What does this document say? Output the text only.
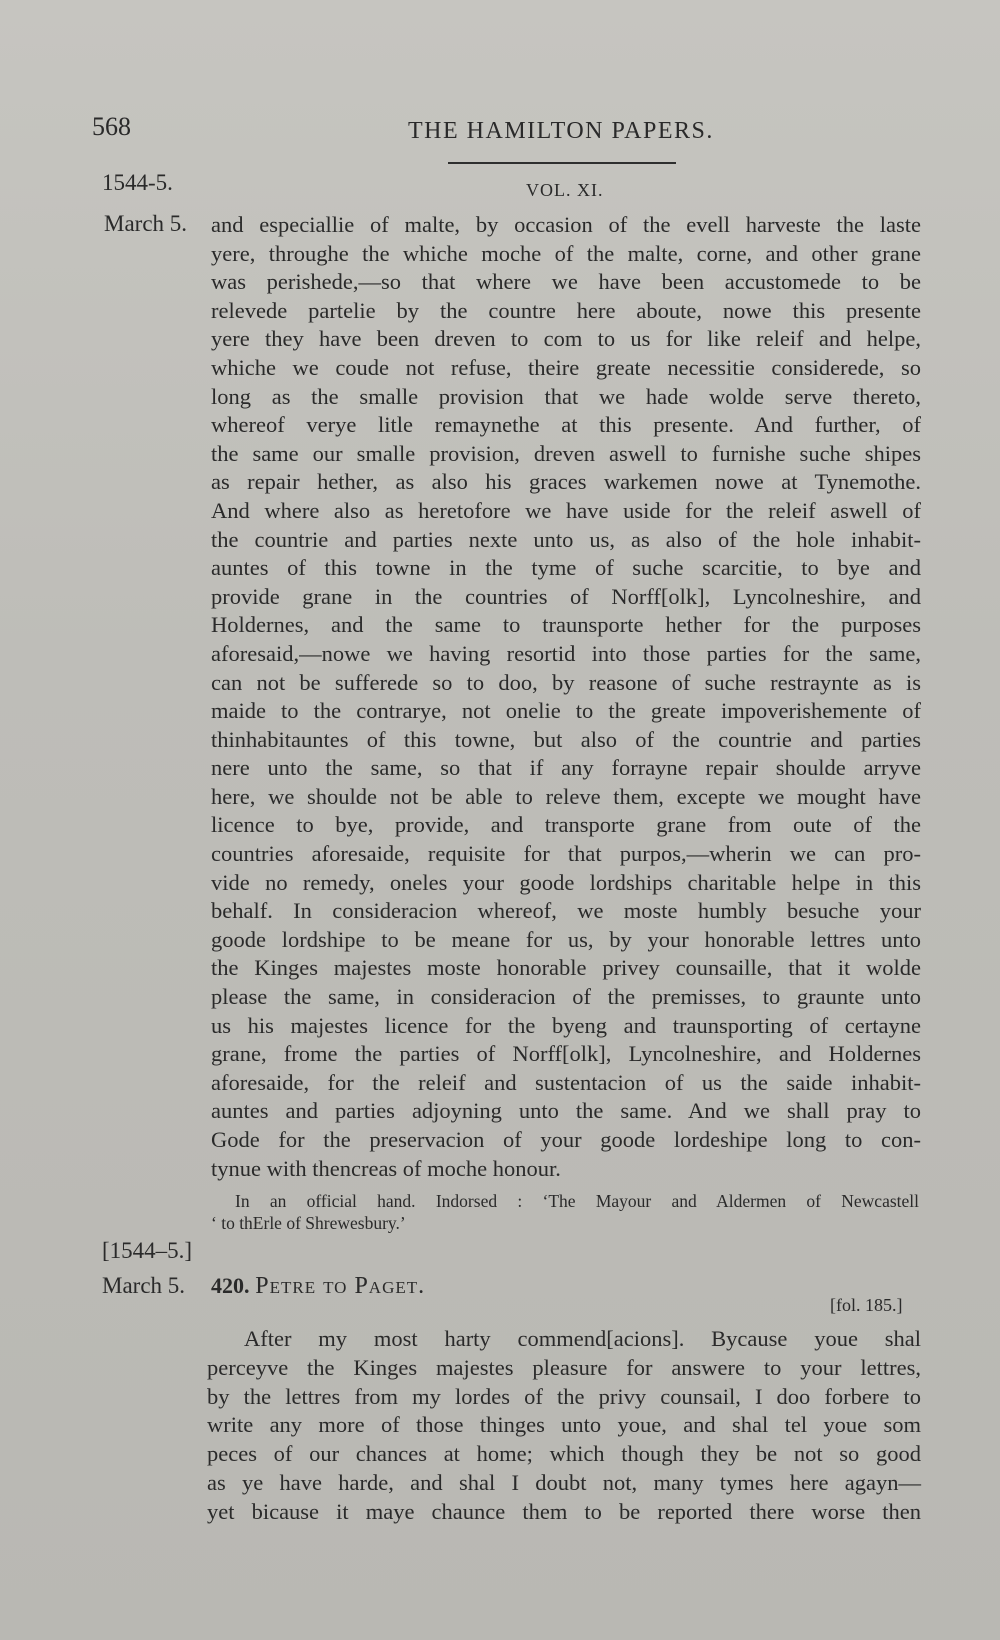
568	THE HAMILTON PAPERS.
1544-5.	VOL. XI.
March 5. and especiallie of malte, by occasion of the evell harveste the laste
yere, throughe the whiche moche of the malte, corne, and other grane
was perishede,—so that where we have been accustomede to be
relevede partelie by the countre here aboute, nowe this presente
yere they have been dreven to com to us for like releif and helpe,
whiche we coude not refuse, theire greate necessitie considerede, so
long as the smalle provision that we hade wolde serve thereto,
whereof verye litle remaynethe at this presente. And further, of
the same our smalle provision, dreven aswell to furnishe suche shipes
as repair hether, as also his graces warkemen nowe at Tynemothe.
And where also as heretofore we have uside for the releif aswell of
the countrie and parties nexte unto us, as also of the hole inhabit-
auntes of this towne in the tyme of suche scarcitie, to bye and
provide grane in the countries of Norff[olk], Lyncolneshire, and
Holdernes, and the same to traunsporte hether for the purposes
aforesaid,—nowe we having resortid into those parties for the same,
can not be sufferede so to doo, by reasone of suche restraynte as is
maide to the contrarye, not onelie to the greate impoverishemente of
thinhabitauntes of this towne, but also of the countrie and parties
nere unto the same, so that if any forrayne repair shoulde arryve
here, we shoulde not be able to releve them, excepte we mought have
licence to bye, provide, and transporte grane from oute of the
countries aforesaide, requisite for that purpos,—wherin we can pro-
vide no remedy, oneles your goode lordships charitable helpe in this
behalf. In consideracion whereof, we moste humbly besuche your
goode lordshipe to be meane for us, by your honorable lettres unto
the Kinges majestes moste honorable privey counsaille, that it wolde
please the same, in consideracion of the premisses, to graunte unto
us his majestes licence for the byeng and traunsporting of certayne
grane, frome the parties of Norff[olk], Lyncolneshire, and Holdernes
aforesaide, for the releif and sustentacion of us the saide inhabit-
auntes and parties adjoyning unto the same. And we shall pray to
Gode for the preservacion of your goode lordeshipe long to con-
tynue with thencreas of moche honour.
In an official hand. Indorsed : ‘The Mayour and Aldermen of Newcastell
‘ to thErle of Shrewesbury.’
[1544–5.]
March 5. 420. Petre to Paget.
[fol. 185.]
After my most harty commend[acions]. Bycause youe shal
perceyve the Kinges majestes pleasure for answere to your lettres,
by the lettres from my lordes of the privy counsail, I doo forbere to
write any more of those thinges unto youe, and shal tel youe som
peces of our chances at home; which though they be not so good
as ye have harde, and shal I doubt not, many tymes here agayn—
yet bicause it maye chaunce them to be reported there worse then
